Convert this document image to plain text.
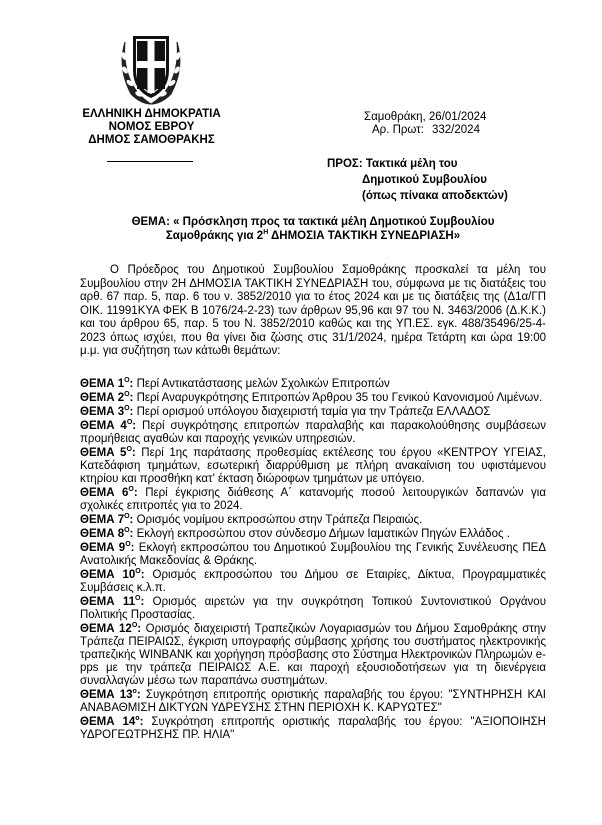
ΕΛΛΗΝΙΚΗ ΔΗΜΟΚΡΑΤΙΑ
ΝΟΜΟΣ ΕΒΡΟΥ
ΔΗΜΟΣ ΣΑΜΟΘΡΑΚΗΣ
Σαμοθράκη, 26/01/2024
Αρ. Πρωτ: 332/2024
ΠΡΟΣ: Τακτικά μέλη του
Δημοτικού Συμβουλίου
(όπως πίνακα αποδεκτών)
ΘΕΜΑ: « Πρόσκληση προς τα τακτικά μέλη Δημοτικού Συμβουλίου
Σαμοθράκης για $2^H$ ΔΗΜΟΣΙΑ ΤΑΚΤΙΚΗ ΣΥΝΕΔΡΙΑΣΗ»
Ο Πρόεδρος του Δημοτικού Συμβουλίου Σαμοθράκης προσκαλεί τα μέλη του Συμβουλίου στην 2Η ΔΗΜΟΣΙΑ ΤΑΚΤΙΚΗ ΣΥΝΕΔΡΙΑΣΗ του, σύμφωνα με τις διατάξεις του αρθ. 67 παρ. 5, παρ. 6 του ν. 3852/2010 για το έτος 2024 και με τις διατάξεις της (Δ1α/ΓΠ ΟΙΚ. 11991ΚΥΑ ΦΕΚ Β 1076/24-2-23) των άρθρων 95,96 και 97 του Ν. 3463/2006 (Δ.Κ.Κ.) και του άρθρου 65, παρ. 5 του Ν. 3852/2010 καθώς και της ΥΠ.ΕΣ. εγκ. 488/35496/25-4-2023 όπως ισχύει, που θα γίνει δια ζώσης στις 31/1/2024, ημέρα Τετάρτη και ώρα 19:00 μ.μ. για συζήτηση των κάτωθι θεμάτων:
ΘΕΜΑ $1^O$: Περί Αντικατάστασης μελών Σχολικών Επιτροπών
ΘΕΜΑ $2^O$: Περί Αναρυγκρότησης Επιτροπών Άρθρου 35 του Γενικού Κανονισμού Λιμένων.
ΘΕΜΑ $3^O$: Περί ορισμού υπόλογου διαχειριστή ταμία για την Τράπεζα ΕΛΛΑΔΟΣ
ΘΕΜΑ $4^O$: Περί συγκρότησης επιτροπών παραλαβής και παρακολούθησης συμβάσεων προμήθειας αγαθών και παροχής γενικών υπηρεσιών.
ΘΕΜΑ $5^O$: Περί 1ης παράτασης προθεσμίας εκτέλεσης του έργου «ΚΕΝΤΡΟΥ ΥΓΕΙΑΣ, Κατεδάφιση τμημάτων, εσωτερική διαρρύθμιση με πλήρη ανακαίνιση του υφιστάμενου κτηρίου και προσθήκη κατ' έκταση διώροφων τμημάτων με υπόγειο.
ΘΕΜΑ $6^O$: Περί έγκρισης διάθεσης Α΄ κατανομής ποσού λειτουργικών δαπανών για σχολικές επιτροπές για το 2024.
ΘΕΜΑ $7^O$: Ορισμός νομίμου εκπροσώπου στην Τράπεζα Πειραιώς.
ΘΕΜΑ $8^O$: Εκλογή εκπροσώπου στον σύνδεσμο Δήμων Ιαματικών Πηγών Ελλάδος .
ΘΕΜΑ $9^O$: Εκλογή εκπροσώπου του Δημοτικού Συμβουλίου της Γενικής Συνέλευσης ΠΕΔ Ανατολικής Μακεδονίας & Θράκης.
ΘΕΜΑ $10^O$: Ορισμός εκπροσώπου του Δήμου σε Εταιρίες, Δίκτυα, Προγραμματικές Συμβάσεις κ.λ.π.
ΘΕΜΑ $11^O$: Ορισμός αιρετών για την συγκρότηση Τοπικού Συντονιστικού Οργάνου Πολιτικής Προστασίας.
ΘΕΜΑ $12^O$: Ορισμός διαχειριστή Τραπεζικών Λογαριασμών του Δήμου Σαμοθράκης στην Τράπεζα ΠΕΙΡΑΙΩΣ, έγκριση υπογραφής σύμβασης χρήσης του συστήματος ηλεκτρονικής τραπεζικής WINBANK και χορήγηση πρόσβασης στο Σύστημα Ηλεκτρονικών Πληρωμών e-pps με την τράπεζα ΠΕΙΡΑΙΩΣ Α.Ε. και παροχή εξουσιοδοτήσεων για τη διενέργεια συναλλαγών μέσω των παραπάνω συστημάτων.
ΘΕΜΑ $13^o$: Συγκρότηση επιτροπής οριστικής παραλαβής του έργου: "ΣΥΝΤΗΡΗΣΗ ΚΑΙ ΑΝΑΒΑΘΜΙΣΗ ΔΙΚΤΥΩΝ ΥΔΡΕΥΣΗΣ ΣΤΗΝ ΠΕΡΙΟΧΗ Κ. ΚΑΡΥΩΤΕΣ"
ΘΕΜΑ $14^o$: Συγκρότηση επιτροπής οριστικής παραλαβής του έργου: "ΑΞΙΟΠΟΙΗΣΗ ΥΔΡΟΓΕΩΤΡΗΣΗΣ ΠΡ. ΗΛΙΑ"
